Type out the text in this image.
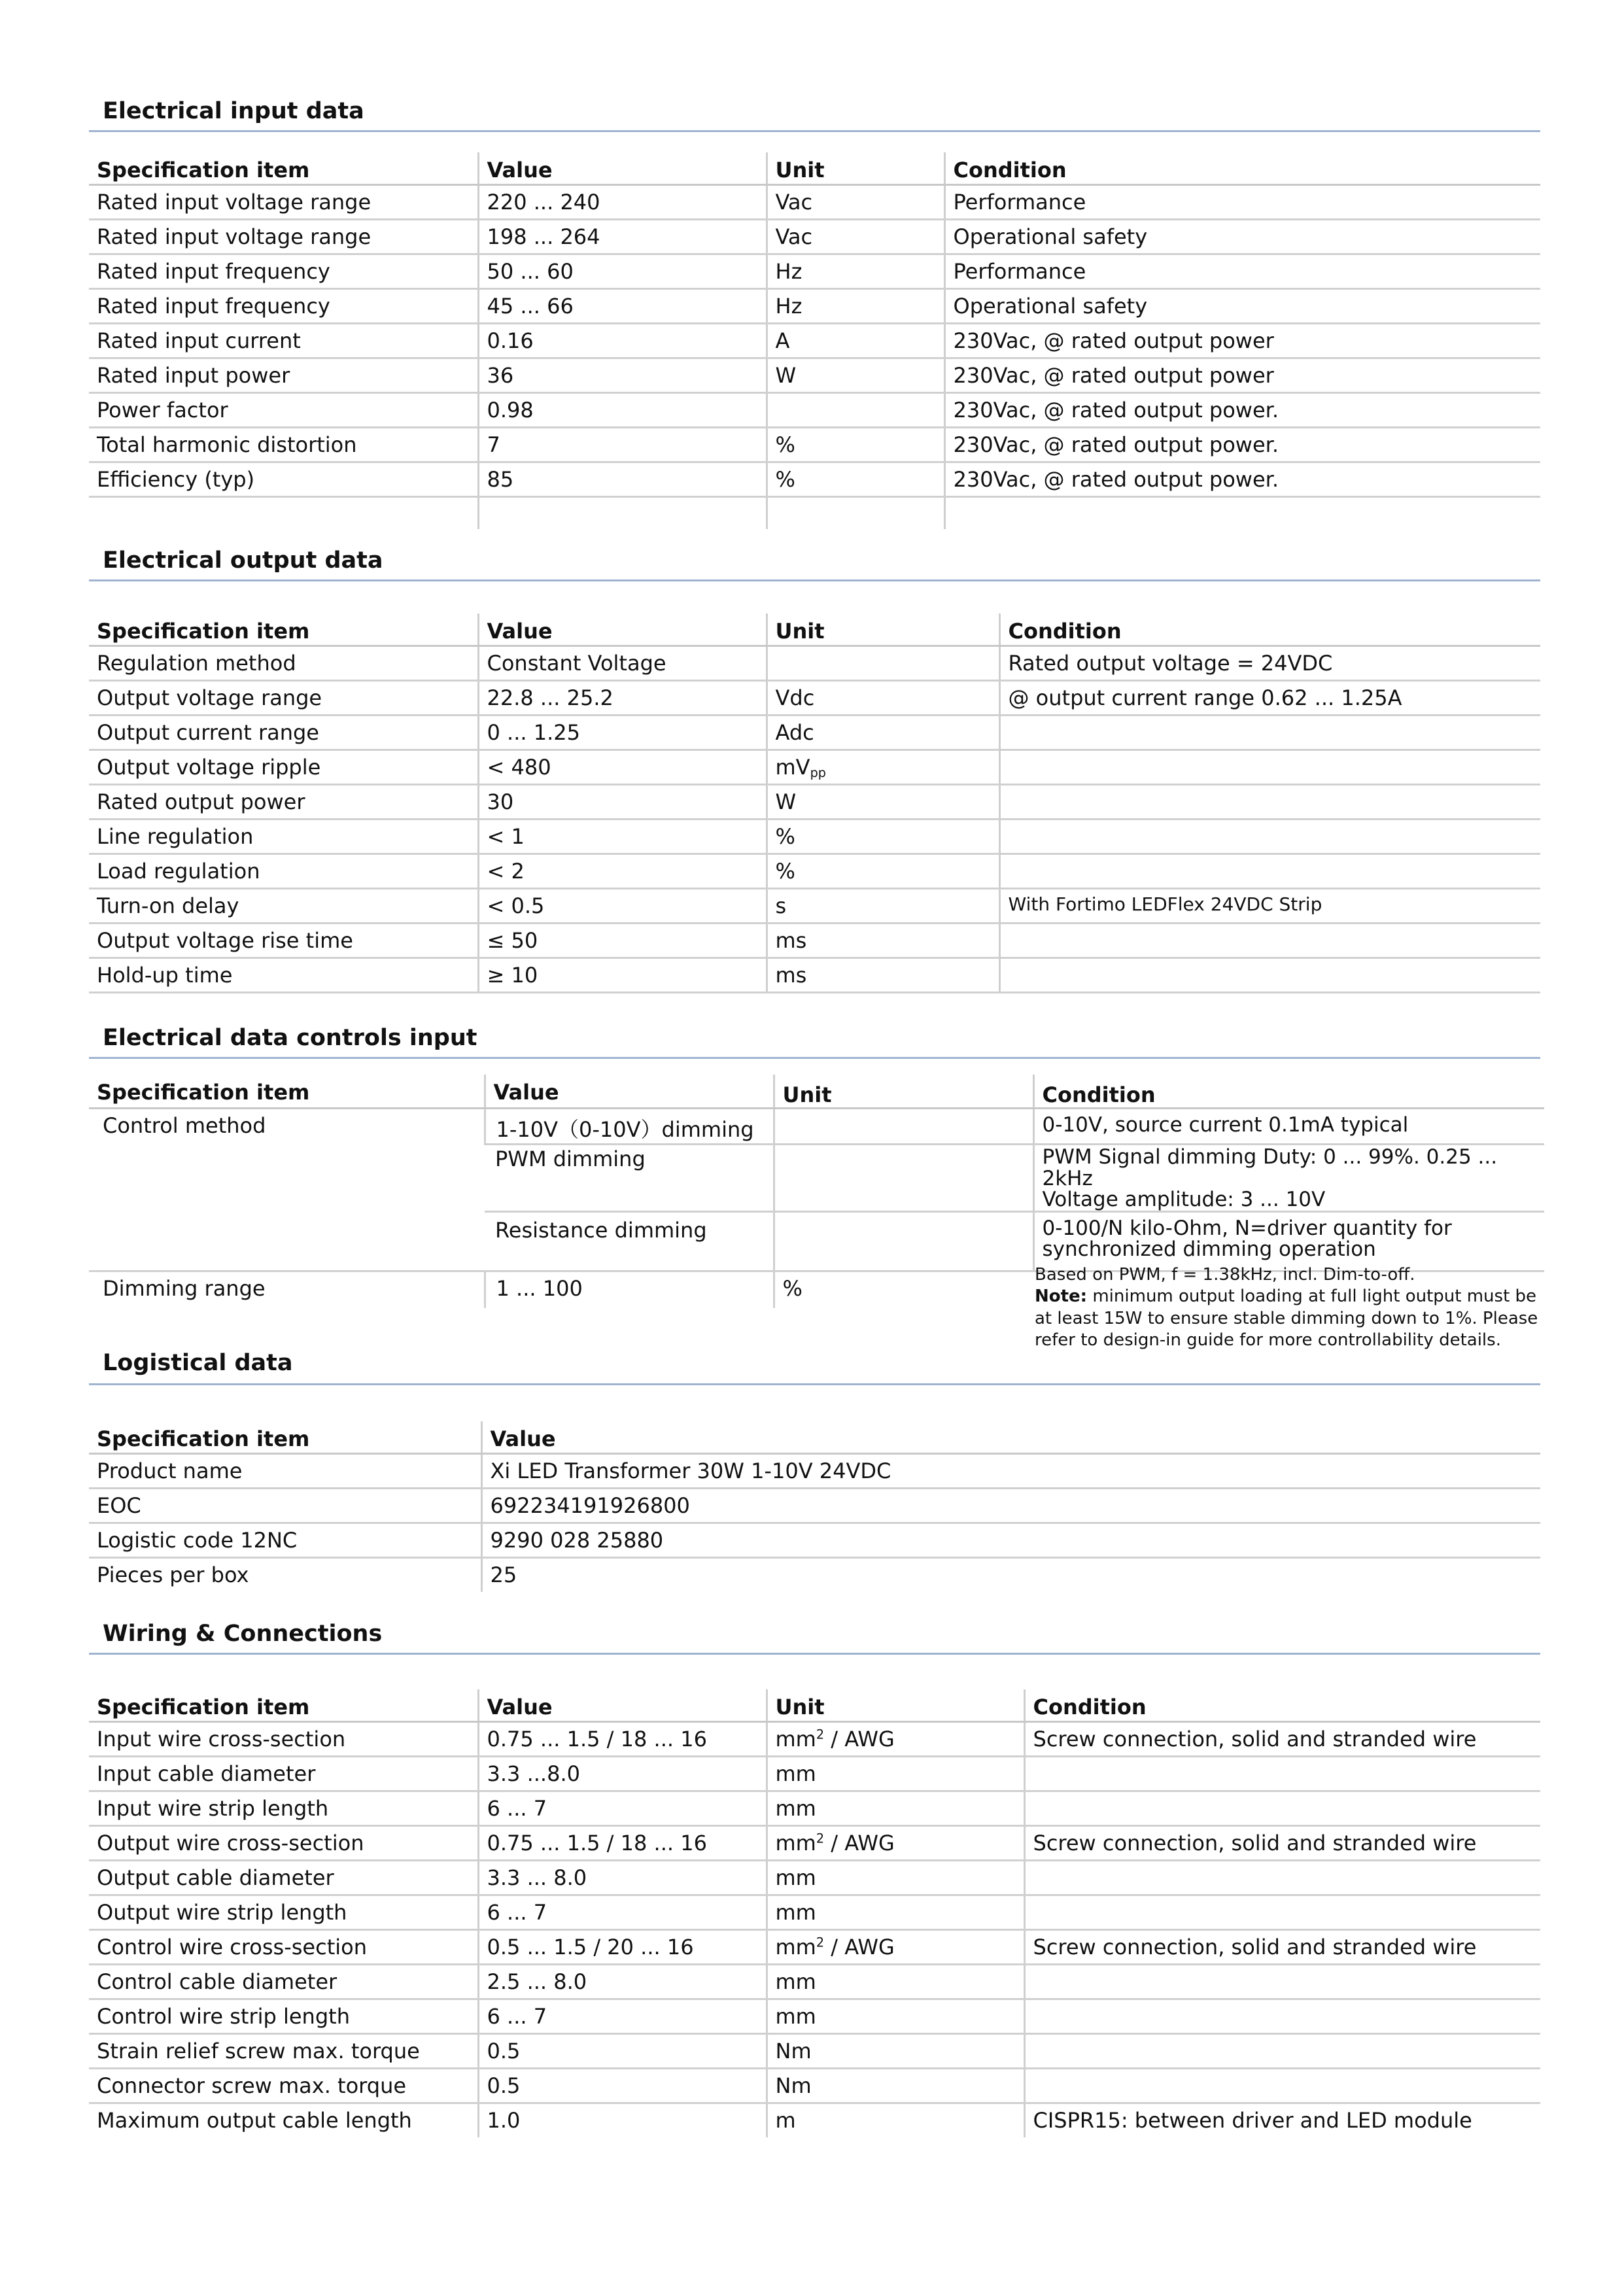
Electrical input data
Specification item	Value	Unit	Condition
Rated input voltage range	220 ... 240	Vac	Performance
Rated input voltage range	198 ... 264	Vac	Operational safety
Rated input frequency	50 ... 60	Hz	Performance
Rated input frequency	45 ... 66	Hz	Operational safety
Rated input current	0.16	A	230Vac, @ rated output power
Rated input power	36	W	230Vac, @ rated output power
Power factor	0.98		230Vac, @ rated output power.
Total harmonic distortion	7	%	230Vac, @ rated output power.
Efficiency (typ)	85	%	230Vac, @ rated output power.

Electrical output data
Specification item	Value	Unit	Condition
Regulation method	Constant Voltage		Rated output voltage = 24VDC
Output voltage range	22.8 ... 25.2	Vdc	@ output current range 0.62 ... 1.25A
Output current range	0 ... 1.25	Adc	
Output voltage ripple	< 480	$mV_{pp}$	
Rated output power	30	W	
Line regulation	< 1	%	
Load regulation	< 2	%	
Turn-on delay	< 0.5	s	With Fortimo LEDFlex 24VDC Strip
Output voltage rise time	≤ 50	ms	
Hold-up time	≥ 10	ms	
Electrical data controls input
Specification item	Value	Unit	Condition
Control method	1-10V（0-10V）dimming		0-10V, source current 0.1mA typical
	PWM dimming		PWM Signal dimming Duty: 0 ... 99%. 0.25 ... 2kHz
Voltage amplitude: 3 ... 10V

	Resistance dimming		0-100/N kilo-Ohm, N=driver quantity for
synchronized dimming operation

Dimming range	1 ... 100	%	
Based on PWM, f = 1.38kHz, incl. Dim-to-off.
Note: minimum output loading at full light output must be at least 15W to ensure stable dimming down to 1%. Please refer to design-in guide for more controllability details.
Logistical data
Specification item	Value
Product name	Xi LED Transformer 30W 1-10V 24VDC
EOC	692234191926800
Logistic code 12NC	9290 028 25880
Pieces per box	25
Wiring & Connections
Specification item	Value	Unit	Condition
Input wire cross-section	0.75 ... 1.5 / 18 ... 16	$mm^2$ / AWG	Screw connection, solid and stranded wire
Input cable diameter	3.3 ...8.0	mm	
Input wire strip length	6 ... 7	mm	
Output wire cross-section	0.75 ... 1.5 / 18 ... 16	$mm^2$ / AWG	Screw connection, solid and stranded wire
Output cable diameter	3.3 ... 8.0	mm	
Output wire strip length	6 ... 7	mm	
Control wire cross-section	0.5 ... 1.5 / 20 ... 16	$mm^2$ / AWG	Screw connection, solid and stranded wire
Control cable diameter	2.5 ... 8.0	mm	
Control wire strip length	6 ... 7	mm	
Strain relief screw max. torque	0.5	Nm	
Connector screw max. torque	0.5	Nm	
Maximum output cable length	1.0	m	CISPR15: between driver and LED module
